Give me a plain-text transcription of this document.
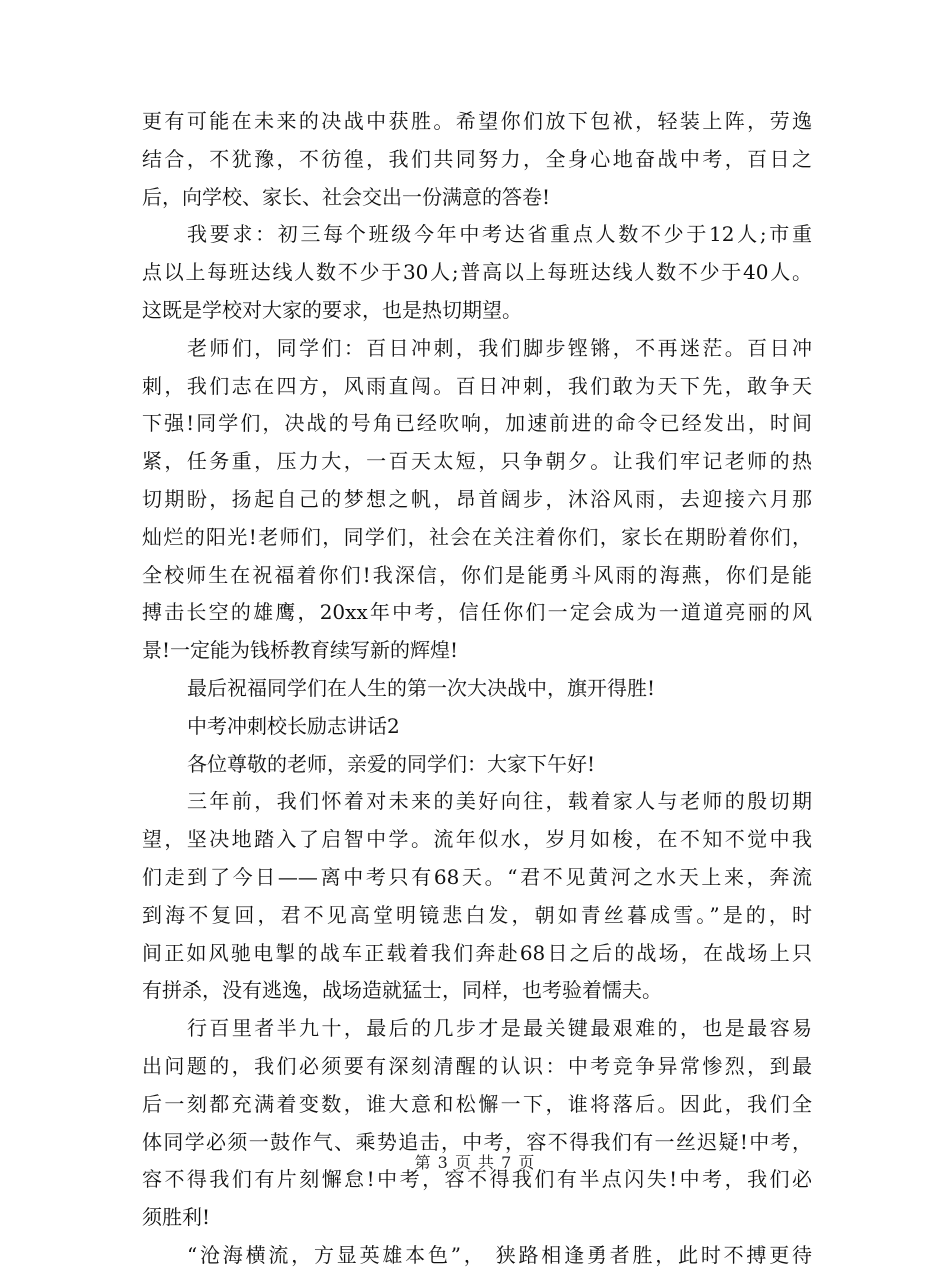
更有可能在未来的决战中获胜。希望你们放下包袱，轻装上阵，劳逸
结合，不犹豫，不彷徨，我们共同努力，全身心地奋战中考，百日之
后，向学校、家长、社会交出一份满意的答卷!
我要求：初三每个班级今年中考达省重点人数不少于12人;市重
点以上每班达线人数不少于30人;普高以上每班达线人数不少于40人。
这既是学校对大家的要求，也是热切期望。
老师们，同学们：百日冲刺，我们脚步铿锵，不再迷茫。百日冲
刺，我们志在四方，风雨直闯。百日冲刺，我们敢为天下先，敢争天
下强!同学们，决战的号角已经吹响，加速前进的命令已经发出，时间
紧，任务重，压力大，一百天太短，只争朝夕。让我们牢记老师的热
切期盼，扬起自己的梦想之帆，昂首阔步，沐浴风雨，去迎接六月那
灿烂的阳光!老师们，同学们，社会在关注着你们，家长在期盼着你们，
全校师生在祝福着你们!我深信，你们是能勇斗风雨的海燕，你们是能
搏击长空的雄鹰，20xx年中考，信任你们一定会成为一道道亮丽的风
景!一定能为钱桥教育续写新的辉煌!
最后祝福同学们在人生的第一次大决战中，旗开得胜!
中考冲刺校长励志讲话2
各位尊敬的老师，亲爱的同学们：大家下午好!
三年前，我们怀着对未来的美好向往，载着家人与老师的殷切期
望，坚决地踏入了启智中学。流年似水，岁月如梭，在不知不觉中我
们走到了今日——离中考只有68天。“君不见黄河之水天上来，奔流
到海不复回，君不见高堂明镜悲白发，朝如青丝暮成雪。”是的，时
间正如风驰电掣的战车正载着我们奔赴68日之后的战场，在战场上只
有拼杀，没有逃逸，战场造就猛士，同样，也考验着懦夫。
行百里者半九十，最后的几步才是最关键最艰难的，也是最容易
出问题的，我们必须要有深刻清醒的认识：中考竞争异常惨烈，到最
后一刻都充满着变数，谁大意和松懈一下，谁将落后。因此，我们全
体同学必须一鼓作气、乘势追击，中考，容不得我们有一丝迟疑!中考，
容不得我们有片刻懈怠!中考，容不得我们有半点闪失!中考，我们必
须胜利!
“沧海横流，方显英雄本色”， 狭路相逢勇者胜，此时不搏更待
第 3 页 共 7 页
